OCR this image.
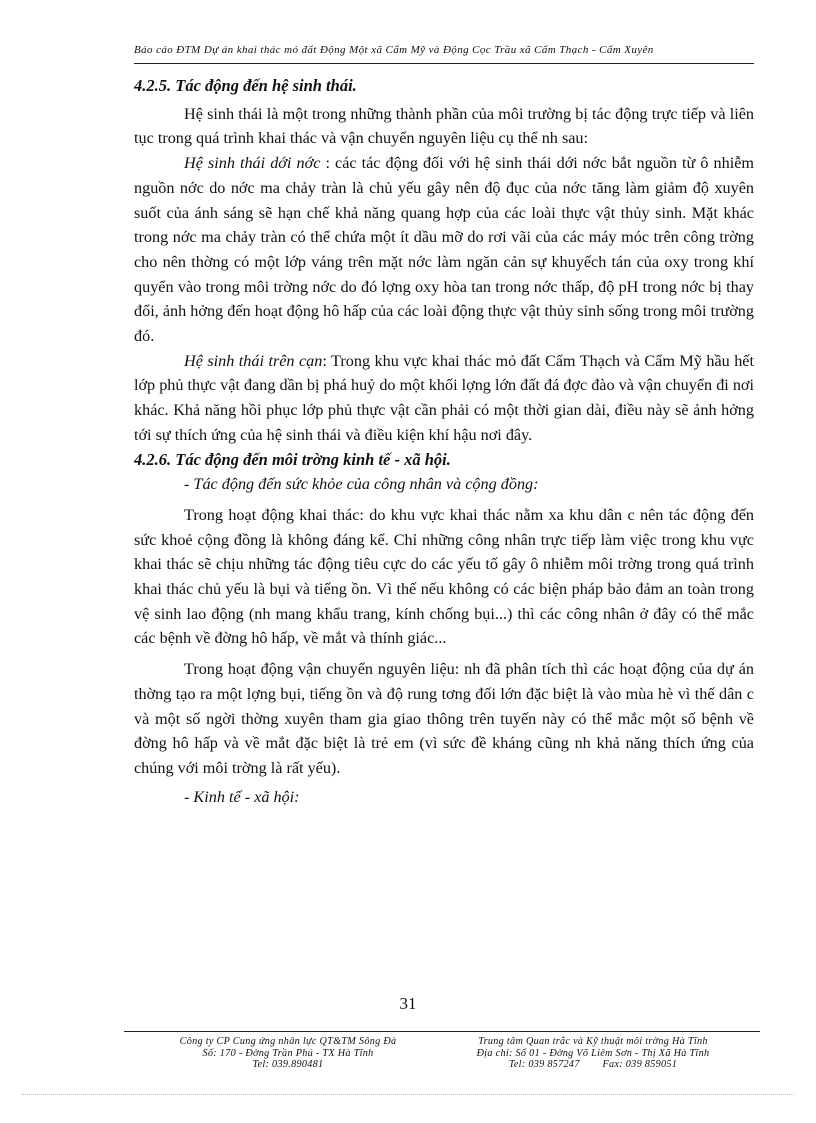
Báo cáo ĐTM Dự án khai thác mỏ đất Động Một xã Cẩm Mỹ và Động Cọc Trầu xã Cẩm Thạch - Cẩm Xuyên

4.2.5. Tác động đến hệ sinh thái.

Hệ sinh thái là một trong những thành phần của môi trường bị tác động trực tiếp và liên tục trong quá trình khai thác và vận chuyển nguyên liệu cụ thể nh sau:

Hệ sinh thái dới nớc : các tác động đối với hệ sinh thái dới nớc bắt nguồn từ ô nhiễm nguồn nớc do nớc ma chảy tràn là chủ yếu gây nên độ đục của nớc tăng làm giảm độ xuyên suốt của ánh sáng sẽ hạn chế khả năng quang hợp của các loài thực vật thủy sinh. Mặt khác trong nớc ma chảy tràn có thể chứa một ít dầu mỡ do rơi vãi của các máy móc trên công trờng cho nên thờng có một lớp váng trên mặt nớc làm ngăn cản sự khuyếch tán của oxy trong khí quyển vào trong môi trờng nớc do đó lợng oxy hòa tan trong nớc thấp, độ pH trong nớc bị thay đổi, ảnh hởng đến hoạt động hô hấp của các loài động thực vật thủy sinh sống trong môi trường đó.

Hệ sinh thái trên cạn: Trong khu vực khai thác mỏ đất Cẩm Thạch và Cẩm Mỹ hầu hết lớp phủ thực vật đang dần bị phá huỷ do một khối lợng lớn đất đá đợc đào và vận chuyển đi nơi khác. Khả năng hồi phục lớp phủ thực vật cần phải có một thời gian dài, điều này sẽ ảnh hởng tới sự thích ứng của hệ sinh thái và điều kiện khí hậu nơi đây.

4.2.6. Tác động đến môi trờng kinh tế - xã hội.

- Tác động đến sức khỏe của công nhân và cộng đồng:

Trong hoạt động khai thác: do khu vực khai thác nằm xa khu dân c nên tác động đến sức khoẻ cộng đồng là không đáng kể. Chỉ những công nhân trực tiếp làm việc trong khu vực khai thác sẽ chịu những tác động tiêu cực do các yếu tố gây ô nhiễm môi trờng trong quá trình khai thác chủ yếu là bụi và tiếng ồn. Vì thế nếu không có các biện pháp bảo đảm an toàn trong vệ sinh lao động (nh mang khẩu trang, kính chống bụi...) thì các công nhân ở đây có thể mắc các bệnh về đờng hô hấp, về mắt và thính giác...

Trong hoạt động vận chuyển nguyên liệu: nh đã phân tích thì các hoạt động của dự án thờng tạo ra một lợng bụi, tiếng ồn và độ rung tơng đối lớn đặc biệt là vào mùa hè vì thế dân c và một số ngời thờng xuyên tham gia giao thông trên tuyến này có thể mắc một số bệnh về đờng hô hấp và về mắt đặc biệt là trẻ em (vì sức đề kháng cũng nh khả năng thích ứng của chúng với môi trờng là rất yếu).

- Kinh tế - xã hội:

31
Công ty CP Cung ứng nhân lực QT&TM Sông Đà
Số: 170 - Đờng Trần Phú - TX Hà Tĩnh
Tel: 039.890481
Trung tâm Quan trắc và Kỹ thuật môi trờng Hà Tĩnh
Địa chỉ: Số 01 - Đờng Võ Liêm Sơn - Thị Xã Hà Tĩnh
Tel: 039 857247        Fax: 039 859051
